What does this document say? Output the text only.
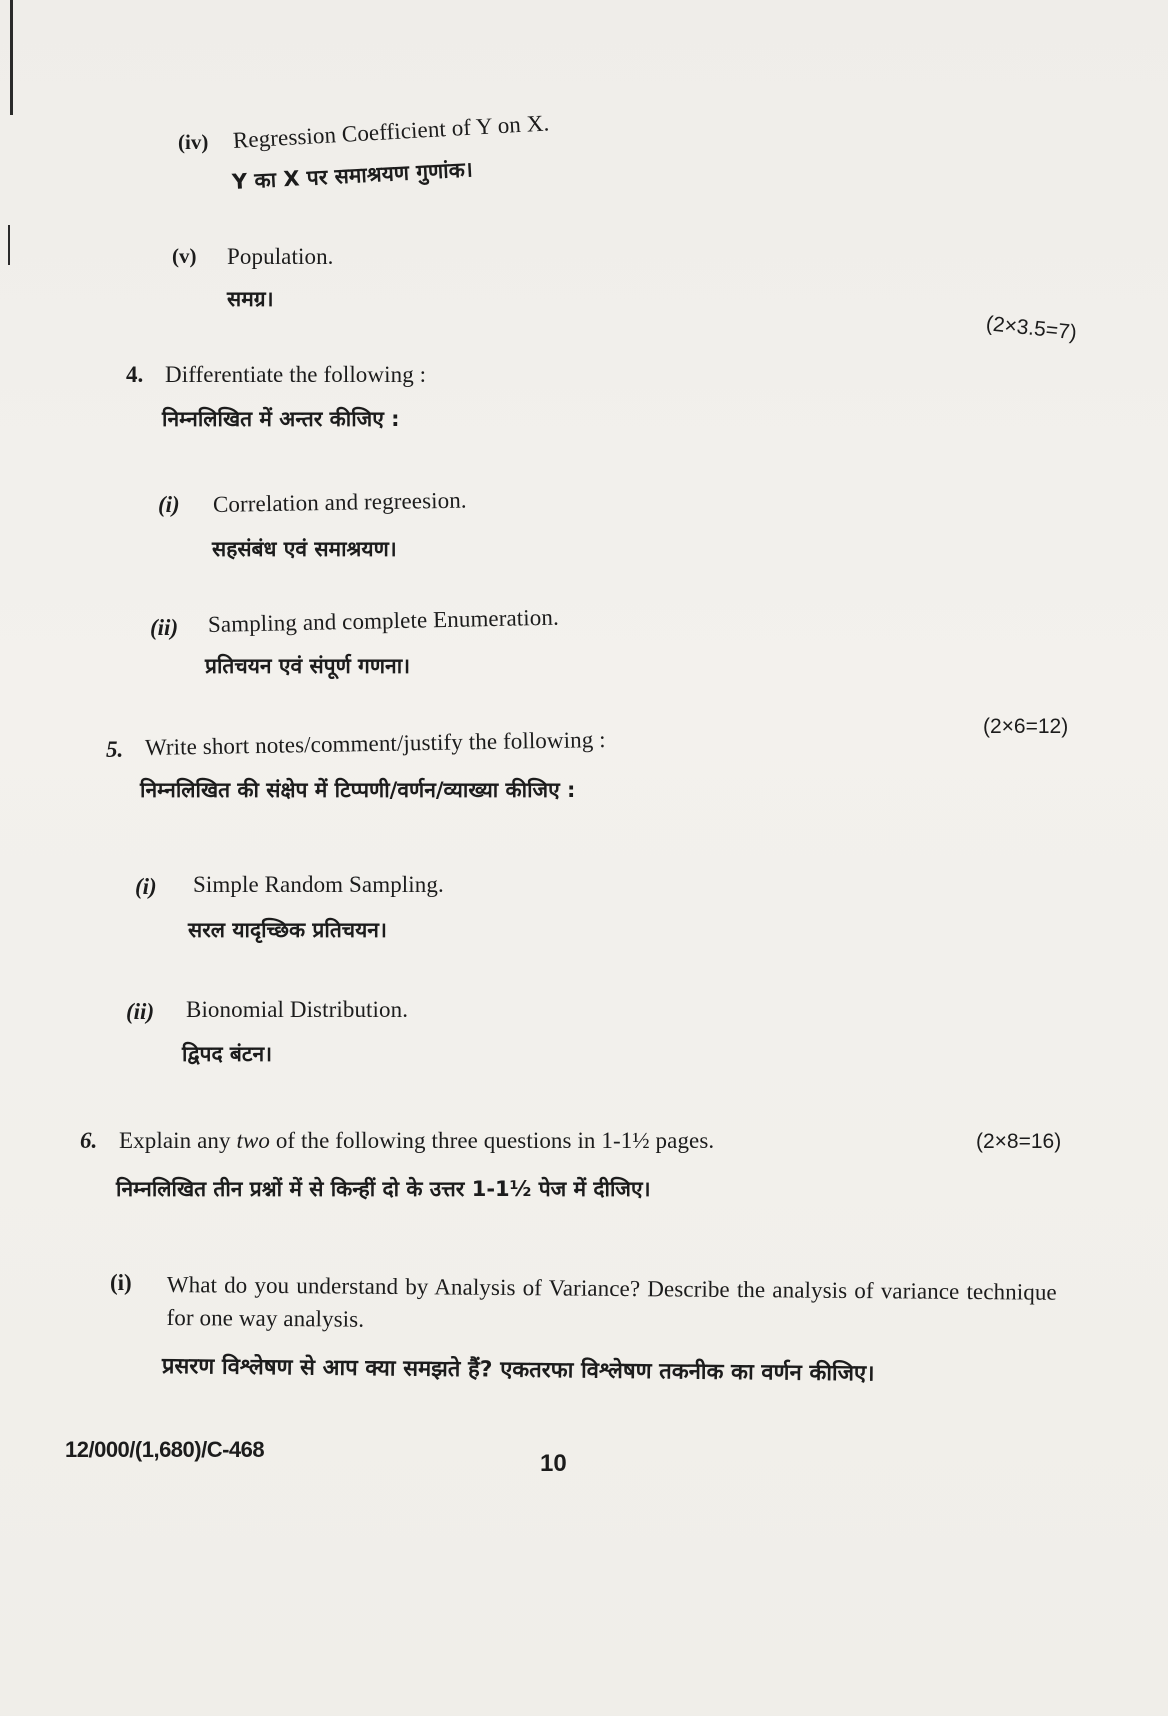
(iv) Regression Coefficient of Y on X.
Y का X पर समाश्रयण गुणांक।
(v) Population.
समग्र।
(2×3.5=7)
4. Differentiate the following :
निम्नलिखित में अन्तर कीजिए :
(i) Correlation and regreesion.
सहसंबंध एवं समाश्रयण।
(ii) Sampling and complete Enumeration.
प्रतिचयन एवं संपूर्ण गणना।
(2×6=12)
5. Write short notes/comment/justify the following :
निम्नलिखित की संक्षेप में टिप्पणी/वर्णन/व्याख्या कीजिए :
(i) Simple Random Sampling.
सरल यादृच्छिक प्रतिचयन।
(ii) Bionomial Distribution.
द्विपद बंटन।
6. Explain any two of the following three questions in 1-1½ pages.	(2×8=16)
निम्नलिखित तीन प्रश्नों में से किन्हीं दो के उत्तर 1-1½ पेज में दीजिए।
(i) What do you understand by Analysis of Variance? Describe the analysis of variance technique for one way analysis.
प्रसरण विश्लेषण से आप क्या समझते हैं? एकतरफा विश्लेषण तकनीक का वर्णन कीजिए।
12/000/(1,680)/C-468
10
